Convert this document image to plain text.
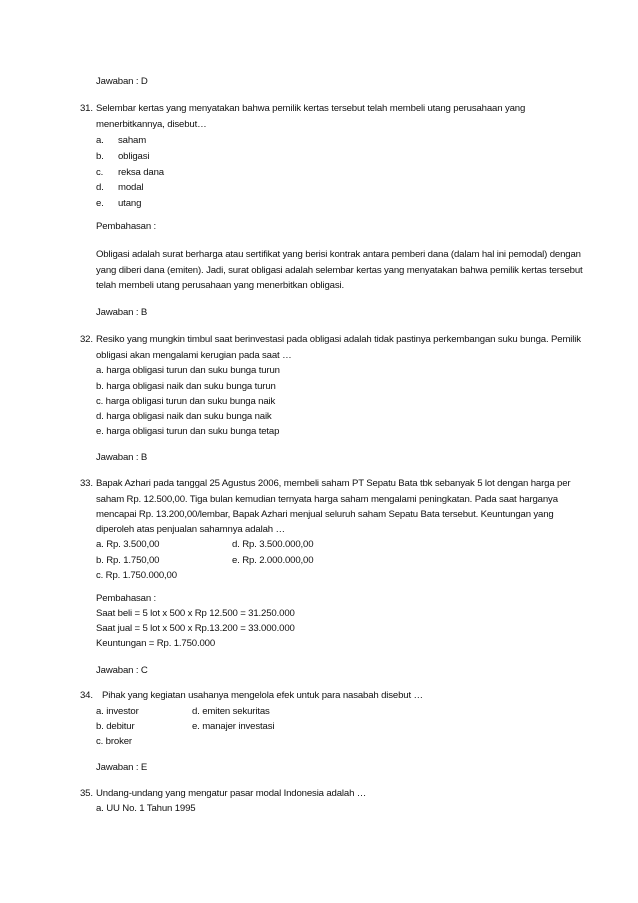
Jawaban : D
31. Selembar kertas yang menyatakan bahwa pemilik kertas tersebut telah membeli utang perusahaan yang
menerbitkannya, disebut…
a. saham
b. obligasi
c. reksa dana
d. modal
e. utang
Pembahasan :
Obligasi adalah surat berharga atau sertifikat yang berisi kontrak antara pemberi dana (dalam hal ini pemodal) dengan
yang diberi dana (emiten). Jadi, surat obligasi adalah selembar kertas yang menyatakan bahwa pemilik kertas tersebut
telah membeli utang perusahaan yang menerbitkan obligasi.
Jawaban : B
32. Resiko yang mungkin timbul saat berinvestasi pada obligasi adalah tidak pastinya perkembangan suku bunga. Pemilik
obligasi akan mengalami kerugian pada saat …
a. harga obligasi turun dan suku bunga turun
b. harga obligasi naik dan suku bunga turun
c. harga obligasi turun dan suku bunga naik
d. harga obligasi naik dan suku bunga naik
e. harga obligasi turun dan suku bunga tetap
Jawaban : B
33. Bapak Azhari pada tanggal 25 Agustus 2006, membeli saham PT Sepatu Bata tbk sebanyak 5 lot dengan harga per
saham Rp. 12.500,00. Tiga bulan kemudian ternyata harga saham mengalami peningkatan. Pada saat harganya
mencapai Rp. 13.200,00/lembar, Bapak Azhari menjual seluruh saham Sepatu Bata tersebut. Keuntungan yang
diperoleh atas penjualan sahamnya adalah …
a. Rp. 3.500,00	d. Rp. 3.500.000,00
b. Rp. 1.750,00	e. Rp. 2.000.000,00
c. Rp. 1.750.000,00
Pembahasan :
Saat beli = 5 lot x 500 x Rp 12.500 = 31.250.000
Saat jual = 5 lot x 500 x Rp.13.200 = 33.000.000
Keuntungan = Rp. 1.750.000
Jawaban : C
34. Pihak yang kegiatan usahanya mengelola efek untuk para nasabah disebut …
a. investor	d. emiten sekuritas
b. debitur	e. manajer investasi
c. broker
Jawaban : E
35. Undang-undang yang mengatur pasar modal Indonesia adalah …
a. UU No. 1 Tahun 1995
